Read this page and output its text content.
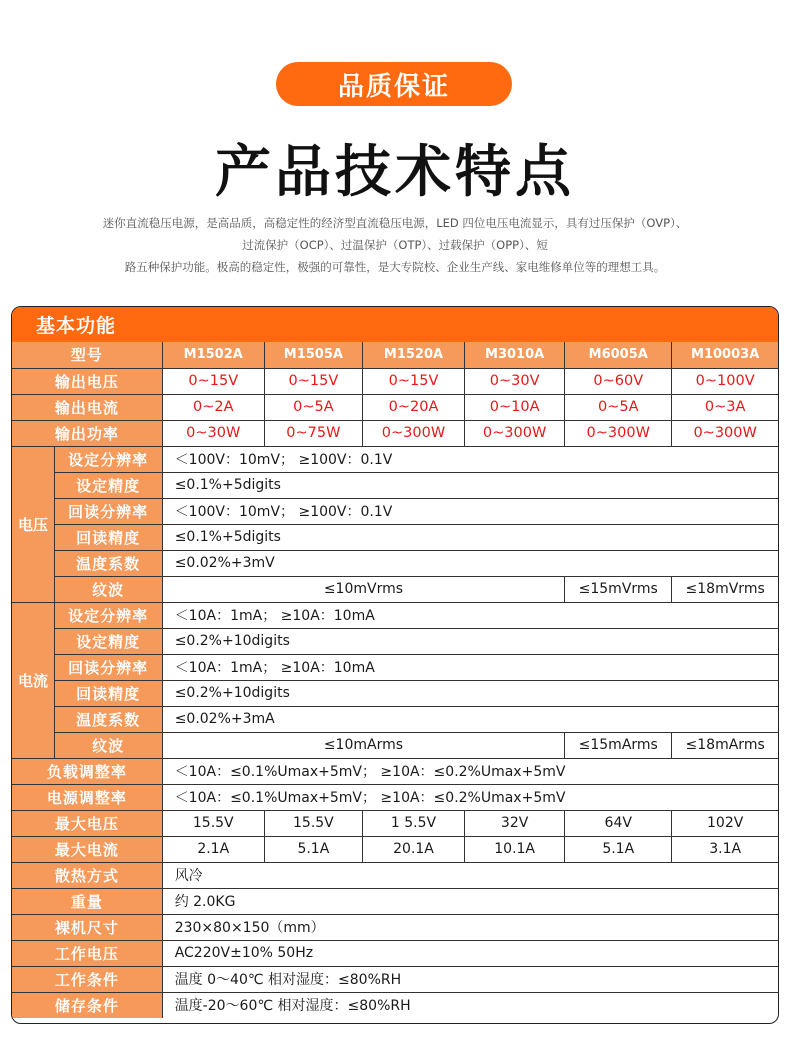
品质保证
产品技术特点
迷你直流稳压电源，是高品质，高稳定性的经济型直流稳压电源，LED 四位电压电流显示，具有过压保护（OVP）、
过流保护（OCP）、过温保护（OTP）、过载保护（OPP）、短
路五种保护功能。极高的稳定性，极强的可靠性，是大专院校、企业生产线、家电维修单位等的理想工具。
基本功能
型号		M1502A	M1505A	M1520A	M3010A	M6005A	M10003A
输出电压		0~15V	0~15V	0~15V	0~30V	0~60V	0~100V
输出电流		0~2A	0~5A	0~20A	0~10A	0~5A	0~3A
输出功率		0~30W	0~75W	0~300W	0~300W	0~300W	0~300W
电压	设定分辨率	＜100V：10mV； ≥100V：0.1V					
	设定精度	≤0.1%+5digits					
	回读分辨率	＜100V：10mV； ≥100V：0.1V					
	回读精度	≤0.1%+5digits					
	温度系数	≤0.02%+3mV					
	纹波	≤10mVrms				≤15mVrms	≤18mVrms
电流	设定分辨率	＜10A：1mA； ≥10A：10mA					
	设定精度	≤0.2%+10digits					
	回读分辨率	＜10A：1mA； ≥10A：10mA					
	回读精度	≤0.2%+10digits					
	温度系数	≤0.02%+3mA					
	纹波	≤10mArms				≤15mArms	≤18mArms
负载调整率		＜10A：≤0.1%Umax+5mV； ≥10A：≤0.2%Umax+5mV					
电源调整率		＜10A：≤0.1%Umax+5mV； ≥10A：≤0.2%Umax+5mV					
最大电压		15.5V	15.5V	1 5.5V	32V	64V	102V
最大电流		2.1A	5.1A	20.1A	10.1A	5.1A	3.1A
散热方式		风冷					
重量		约 2.0KG					
裸机尺寸		230×80×150（mm）					
工作电压		AC220V±10% 50Hz					
工作条件		温度 0～40℃ 相对湿度：≤80%RH					
储存条件		温度-20～60℃ 相对湿度：≤80%RH					
